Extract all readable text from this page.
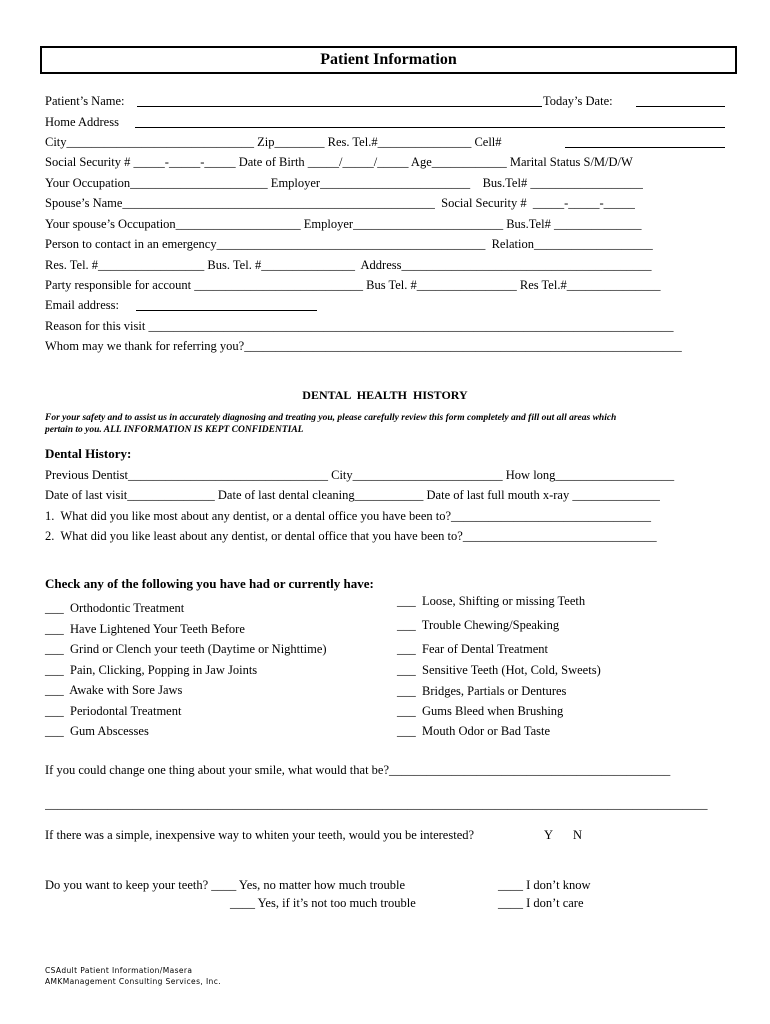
Patient Information
Patient’s Name:	Today’s Date:
Home Address
City______________________________ Zip________ Res. Tel.#_______________ Cell#
Social Security # _____-_____-_____ Date of Birth _____/_____/_____ Age____________ Marital Status S/M/D/W
Your Occupation______________________ Employer________________________    Bus.Tel# __________________
Spouse’s Name__________________________________________________  Social Security #  _____-_____-_____
Your spouse’s Occupation____________________ Employer________________________ Bus.Tel# ______________
Person to contact in an emergency___________________________________________  Relation___________________
Res. Tel. #_________________ Bus. Tel. #_______________  Address________________________________________
Party responsible for account ___________________________ Bus Tel. #________________ Res Tel.#_______________
Email address:
Reason for this visit ____________________________________________________________________________________
Whom may we thank for referring you?______________________________________________________________________
DENTAL  HEALTH  HISTORY
For your safety and to assist us in accurately diagnosing and treating you, please carefully review this form completely and fill out all areas which
pertain to you. ALL INFORMATION IS KEPT CONFIDENTIAL
Dental History:
Previous Dentist________________________________ City________________________ How long___________________
Date of last visit______________ Date of last dental cleaning___________ Date of last full mouth x-ray ______________
1.  What did you like most about any dentist, or a dental office you have been to?________________________________
2.  What did you like least about any dentist, or dental office that you have been to?_______________________________
Check any of the following you have had or currently have:
___  Orthodontic Treatment
___  Have Lightened Your Teeth Before
___  Grind or Clench your teeth (Daytime or Nighttime)
___  Pain, Clicking, Popping in Jaw Joints
___  Awake with Sore Jaws
___  Periodontal Treatment
___  Gum Abscesses
___  Loose, Shifting or missing Teeth
___  Trouble Chewing/Speaking
___  Fear of Dental Treatment
___  Sensitive Teeth (Hot, Cold, Sweets)
___  Bridges, Partials or Dentures
___  Gums Bleed when Brushing
___  Mouth Odor or Bad Taste
If you could change one thing about your smile, what would that be?_____________________________________________
__________________________________________________________________________________________________________
If there was a simple, inexpensive way to whiten your teeth, would you be interested?	Y N
Do you want to keep your teeth? ____ Yes, no matter how much trouble
____ Yes, if it’s not too much trouble
____ I don’t know
____ I don’t care
CSAdult Patient Information/Masera
AMKManagement Consulting Services, Inc.
